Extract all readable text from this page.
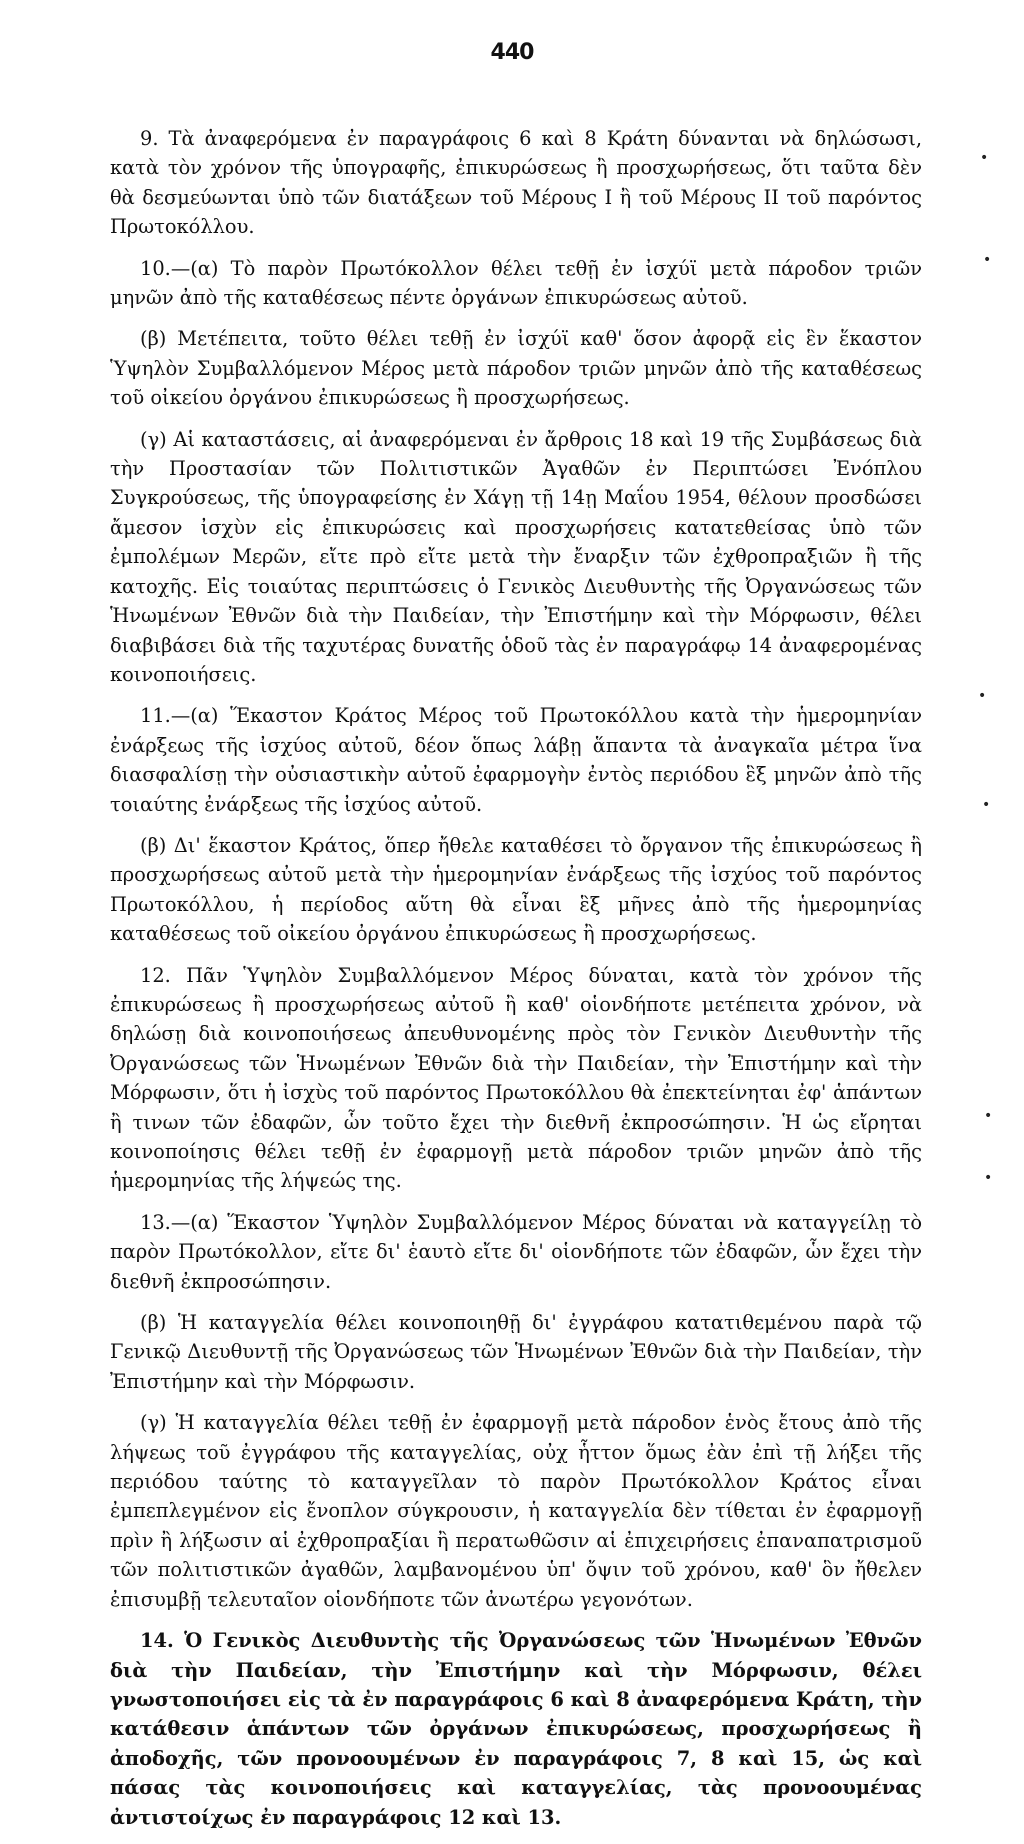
440
•
•
•
•
•
•

9. Τὰ ἀναφερόμενα ἐν παραγράφοις 6 καὶ 8 Κράτη δύνανται νὰ δηλώσωσι, κατὰ τὸν χρόνον τῆς ὑπογραφῆς, ἐπικυρώσεως ἢ προσχωρήσεως, ὅτι ταῦτα δὲν θὰ δεσμεύωνται ὑπὸ τῶν διατάξεων τοῦ Μέρους I ἢ τοῦ Μέρους II τοῦ παρόντος Πρωτοκόλλου.

10.—(α) Τὸ παρὸν Πρωτόκολλον θέλει τεθῇ ἐν ἰσχύϊ μετὰ πάροδον τριῶν μηνῶν ἀπὸ τῆς καταθέσεως πέντε ὀργάνων ἐπικυρώσεως αὐτοῦ.

(β) Μετέπειτα, τοῦτο θέλει τεθῇ ἐν ἰσχύϊ καθ' ὅσον ἀφορᾷ εἰς ἓν ἕκαστον Ὑψηλὸν Συμβαλλόμενον Μέρος μετὰ πάροδον τριῶν μηνῶν ἀπὸ τῆς καταθέσεως τοῦ οἰκείου ὀργάνου ἐπικυρώσεως ἢ προσχωρήσεως.

(γ) Αἱ καταστάσεις, αἱ ἀναφερόμεναι ἐν ἄρθροις 18 καὶ 19 τῆς Συμβάσεως διὰ τὴν Προστασίαν τῶν Πολιτιστικῶν Ἀγαθῶν ἐν Περιπτώσει Ἐνόπλου Συγκρούσεως, τῆς ὑπογραφείσης ἐν Χάγῃ τῇ 14ῃ Μαΐου 1954, θέλουν προσδώσει ἄμεσον ἰσχὺν εἰς ἐπικυρώσεις καὶ προσχωρήσεις κατατεθείσας ὑπὸ τῶν ἐμπολέμων Μερῶν, εἴτε πρὸ εἴτε μετὰ τὴν ἔναρξιν τῶν ἐχθροπραξιῶν ἢ τῆς κατοχῆς. Εἰς τοιαύτας περιπτώσεις ὁ Γενικὸς Διευθυντὴς τῆς Ὀργανώσεως τῶν Ἡνωμένων Ἐθνῶν διὰ τὴν Παιδείαν, τὴν Ἐπιστήμην καὶ τὴν Μόρφωσιν, θέλει διαβιβάσει διὰ τῆς ταχυτέρας δυνατῆς ὁδοῦ τὰς ἐν παραγράφῳ 14 ἀναφερομένας κοινοποιήσεις.

11.—(α) Ἕκαστον Κράτος Μέρος τοῦ Πρωτοκόλλου κατὰ τὴν ἡμερομηνίαν ἐνάρξεως τῆς ἰσχύος αὐτοῦ, δέον ὅπως λάβῃ ἅπαντα τὰ ἀναγκαῖα μέτρα ἵνα διασφαλίσῃ τὴν οὐσιαστικὴν αὐτοῦ ἐφαρμογὴν ἐντὸς περιόδου ἓξ μηνῶν ἀπὸ τῆς τοιαύτης ἐνάρξεως τῆς ἰσχύος αὐτοῦ.

(β) Δι' ἕκαστον Κράτος, ὅπερ ἤθελε καταθέσει τὸ ὄργανον τῆς ἐπικυρώσεως ἢ προσχωρήσεως αὐτοῦ μετὰ τὴν ἡμερομηνίαν ἐνάρξεως τῆς ἰσχύος τοῦ παρόντος Πρωτοκόλλου, ἡ περίοδος αὕτη θὰ εἶναι ἓξ μῆνες ἀπὸ τῆς ἡμερομηνίας καταθέσεως τοῦ οἰκείου ὀργάνου ἐπικυρώσεως ἢ προσχωρήσεως.

12. Πᾶν Ὑψηλὸν Συμβαλλόμενον Μέρος δύναται, κατὰ τὸν χρόνον τῆς ἐπικυρώσεως ἢ προσχωρήσεως αὐτοῦ ἢ καθ' οἱονδήποτε μετέπειτα χρόνον, νὰ δηλώσῃ διὰ κοινοποιήσεως ἀπευθυνομένης πρὸς τὸν Γενικὸν Διευθυντὴν τῆς Ὀργανώσεως τῶν Ἡνωμένων Ἐθνῶν διὰ τὴν Παιδείαν, τὴν Ἐπιστήμην καὶ τὴν Μόρφωσιν, ὅτι ἡ ἰσχὺς τοῦ παρόντος Πρωτοκόλλου θὰ ἐπεκτείνηται ἐφ' ἁπάντων ἢ τινων τῶν ἐδαφῶν, ὧν τοῦτο ἔχει τὴν διεθνῆ ἐκπροσώπησιν. Ἡ ὡς εἴρηται κοινοποίησις θέλει τεθῇ ἐν ἐφαρμογῇ μετὰ πάροδον τριῶν μηνῶν ἀπὸ τῆς ἡμερομηνίας τῆς λήψεώς της.

13.—(α) Ἕκαστον Ὑψηλὸν Συμβαλλόμενον Μέρος δύναται νὰ καταγγείλῃ τὸ παρὸν Πρωτόκολλον, εἴτε δι' ἑαυτὸ εἴτε δι' οἱονδήποτε τῶν ἐδαφῶν, ὧν ἔχει τὴν διεθνῆ ἐκπροσώπησιν.

(β) Ἡ καταγγελία θέλει κοινοποιηθῇ δι' ἐγγράφου κατατιθεμένου παρὰ τῷ Γενικῷ Διευθυντῇ τῆς Ὀργανώσεως τῶν Ἡνωμένων Ἐθνῶν διὰ τὴν Παιδείαν, τὴν Ἐπιστήμην καὶ τὴν Μόρφωσιν.

(γ) Ἡ καταγγελία θέλει τεθῇ ἐν ἐφαρμογῇ μετὰ πάροδον ἑνὸς ἔτους ἀπὸ τῆς λήψεως τοῦ ἐγγράφου τῆς καταγγελίας, οὐχ ἧττον ὅμως ἐὰν ἐπὶ τῇ λήξει τῆς περιόδου ταύτης τὸ καταγγεῖλαν τὸ παρὸν Πρωτόκολλον Κράτος εἶναι ἐμπεπλεγμένον εἰς ἔνοπλον σύγκρουσιν, ἡ καταγγελία δὲν τίθεται ἐν ἐφαρμογῇ πρὶν ἢ λήξωσιν αἱ ἐχθροπραξίαι ἢ περατωθῶσιν αἱ ἐπιχειρήσεις ἐπαναπατρισμοῦ τῶν πολιτιστικῶν ἀγαθῶν, λαμβανομένου ὑπ' ὄψιν τοῦ χρόνου, καθ' ὃν ἤθελεν ἐπισυμβῇ τελευταῖον οἱονδήποτε τῶν ἀνωτέρω γεγονότων.

14. Ὁ Γενικὸς Διευθυντὴς τῆς Ὀργανώσεως τῶν Ἡνωμένων Ἐθνῶν διὰ τὴν Παιδείαν, τὴν Ἐπιστήμην καὶ τὴν Μόρφωσιν, θέλει γνωστοποιήσει εἰς τὰ ἐν παραγράφοις 6 καὶ 8 ἀναφερόμενα Κράτη, τὴν κατάθεσιν ἁπάντων τῶν ὀργάνων ἐπικυρώσεως, προσχωρήσεως ἢ ἀποδοχῆς, τῶν προνοουμένων ἐν παραγράφοις 7, 8 καὶ 15, ὡς καὶ πάσας τὰς κοινοποιήσεις καὶ καταγγελίας, τὰς προνοουμένας ἀντιστοίχως ἐν παραγράφοις 12 καὶ 13.
